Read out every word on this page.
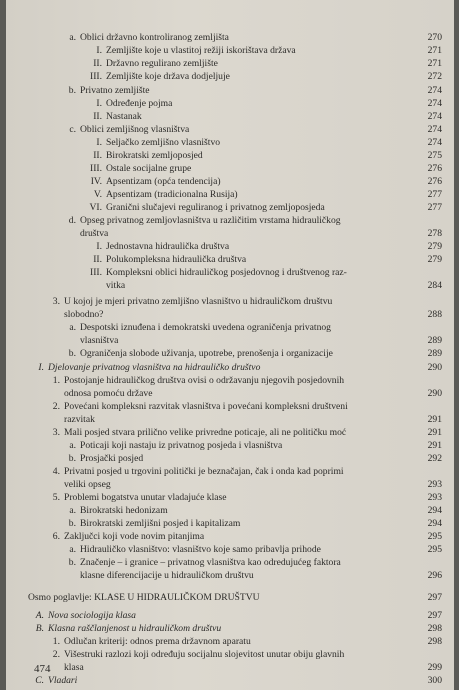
a. Oblici državno kontroliranog zemljišta	270
I. Zemljište koje u vlastitoj režiji iskorištava država	271
II. Državno regulirano zemljište	271
III. Zemljište koje država dodjeljuje	272
b. Privatno zemljište	274
I. Određenje pojma	274
II. Nastanak	274
c. Oblici zemljišnog vlasništva	274
I. Seljačko zemljišno vlasništvo	274
II. Birokratski zemljoposjed	275
III. Ostale socijalne grupe	276
IV. Apsentizam (opća tendencija)	276
V. Apsentizam (tradicionalna Rusija)	277
VI. Granični slučajevi reguliranog i privatnog zemljoposjeda	277
d. Opseg privatnog zemljovlasništva u različitim vrstama hidrauličkog
društva	278
I. Jednostavna hidraulička društva	279
II. Polukompleksna hidraulička društva	279
III. Kompleksni oblici hidrauličkog posjedovnog i društvenog raz-
vitka	284
3. U kojoj je mjeri privatno zemljišno vlasništvo u hidrauličkom društvu
slobodno?	288
a. Despotski iznuđena i demokratski uvedena ograničenja privatnog
vlasništva	289
b. Ograničenja slobode uživanja, upotrebe, prenošenja i organizacije	289
I. Djelovanje privatnog vlasništva na hidrauličko društvo	290
1. Postojanje hidrauličkog društva ovisi o održavanju njegovih posjedovnih
odnosa pomoću države	290
2. Povećani kompleksni razvitak vlasništva i povećani kompleksni društveni
razvitak	291
3. Mali posjed stvara prilično velike privredne poticaje, ali ne političku moć	291
a. Poticaji koji nastaju iz privatnog posjeda i vlasništva	291
b. Prosjački posjed	292
4. Privatni posjed u trgovini politički je beznačajan, čak i onda kad poprimi
veliki opseg	293
5. Problemi bogatstva unutar vladajuće klase	293
a. Birokratski hedonizam	294
b. Birokratski zemljišni posjed i kapitalizam	294
6. Zaključci koji vode novim pitanjima	295
a. Hidrauličko vlasništvo: vlasništvo koje samo pribavlja prihode	295
b. Značenje – i granice – privatnog vlasništva kao odredujućeg faktora
klasne diferencijacije u hidrauličkom društvu	296
Osmo poglavlje: KLASE U HIDRAULIČKOM DRUŠTVU	297
A. Nova sociologija klasa	297
B. Klasna raščlanjenost u hidrauličkom društvu	298
1. Odlučan kriterij: odnos prema državnom aparatu	298
2. Višestruki razlozi koji određuju socijalnu slojevitost unutar obiju glavnih
klasa	299
C. Vladari	300
474
